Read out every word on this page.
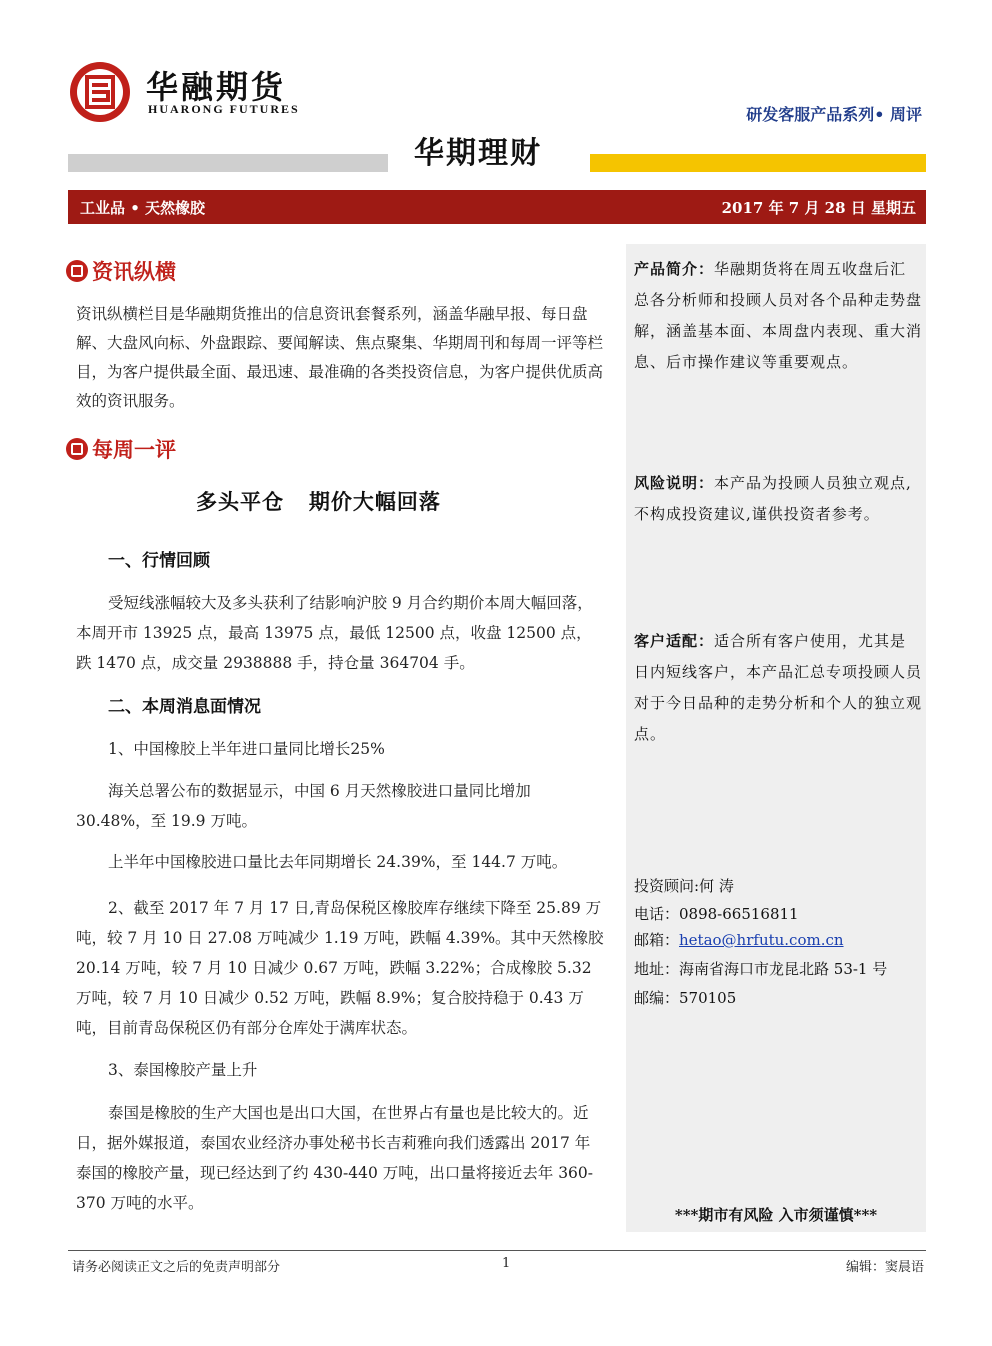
华融期货
HUARONG FUTURES	研发客服产品系列• 周评
华期理财
工业品 • 天然橡胶	2017 年 7 月 28 日 星期五
资讯纵横
资讯纵横栏目是华融期货推出的信息资讯套餐系列，涵盖华融早报、每日盘解、大盘风向标、外盘跟踪、要闻解读、焦点聚集、华期周刊和每周一评等栏目，为客户提供最全面、最迅速、最准确的各类投资信息，为客户提供优质高效的资讯服务。
每周一评
多头平仓   期价大幅回落
一、行情回顾
受短线涨幅较大及多头获利了结影响沪胶 9 月合约期价本周大幅回落，本周开市 13925 点，最高 13975 点，最低 12500 点，收盘 12500 点，跌 1470 点，成交量 2938888 手，持仓量 364704 手。
二、本周消息面情况
1、中国橡胶上半年进口量同比增长25%
海关总署公布的数据显示，中国 6 月天然橡胶进口量同比增加 30.48%，至 19.9 万吨。
上半年中国橡胶进口量比去年同期增长 24.39%，至 144.7 万吨。
2、截至 2017 年 7 月 17 日,青岛保税区橡胶库存继续下降至 25.89 万吨，较 7 月 10 日 27.08 万吨减少 1.19 万吨，跌幅 4.39%。其中天然橡胶 20.14 万吨，较 7 月 10 日减少 0.67 万吨，跌幅 3.22%；合成橡胶 5.32 万吨，较 7 月 10 日减少 0.52 万吨，跌幅 8.9%；复合胶持稳于 0.43 万吨，目前青岛保税区仍有部分仓库处于满库状态。
3、泰国橡胶产量上升
泰国是橡胶的生产大国也是出口大国，在世界占有量也是比较大的。近日，据外媒报道，泰国农业经济办事处秘书长吉莉雅向我们透露出 2017 年泰国的橡胶产量，现已经达到了约 430-440 万吨，出口量将接近去年 360-370 万吨的水平。
产品简介：华融期货将在周五收盘后汇总各分析师和投顾人员对各个品种走势盘解，涵盖基本面、本周盘内表现、重大消息、后市操作建议等重要观点。
风险说明：本产品为投顾人员独立观点,不构成投资建议,谨供投资者参考。
客户适配：适合所有客户使用，尤其是日内短线客户，本产品汇总专项投顾人员对于今日品种的走势分析和个人的独立观点。
投资顾问:何 涛
电话：0898-66516811
邮箱：hetao@hrfutu.com.cn
地址：海南省海口市龙昆北路 53-1 号
邮编：570105
***期市有风险 入市须谨慎***
请务必阅读正文之后的免责声明部分	1	编辑：窦晨语
